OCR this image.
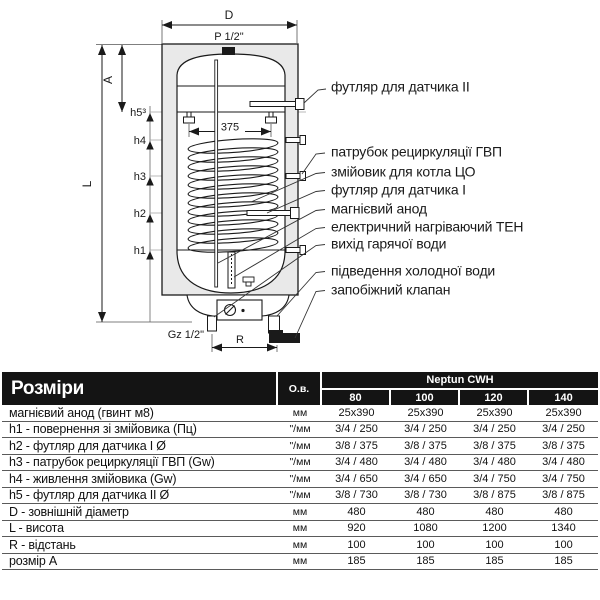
D
P 1/2"
A
L
h5³
h4
h3
h2
h1
375
Gz 1/2"	R
футляр для датчика II
патрубок рециркуляції ГВП
змійовик для котла ЦО
футляр для датчика I
магнієвий анод
електричний нагріваючий ТЕН
вихід гарячої води
підведення холодної води
запобіжний клапан
Розміри	О.в.	Neptun CWH			
		80	100	120	140
магнієвий анод (гвинт м8)	мм	25x390	25x390	25x390	25x390
h1 - повернення зі змійовика (Пц)	"/мм	3/4 / 250	3/4 / 250	3/4 / 250	3/4 / 250
h2 - футляр для датчика I Ø	"/мм	3/8 / 375	3/8 / 375	3/8 / 375	3/8 / 375
h3 - патрубок рециркуляції ГВП (Gw)	"/мм	3/4 / 480	3/4 / 480	3/4 / 480	3/4 / 480
h4 - живлення змійовика (Gw)	"/мм	3/4 / 650	3/4 / 650	3/4 / 750	3/4 / 750
h5 - футляр для датчика II Ø	"/мм	3/8 / 730	3/8 / 730	3/8 / 875	3/8 / 875
D - зовнішній діаметр	мм	480	480	480	480
L - висота	мм	920	1080	1200	1340
R - відстань	мм	100	100	100	100
розмір A	мм	185	185	185	185
